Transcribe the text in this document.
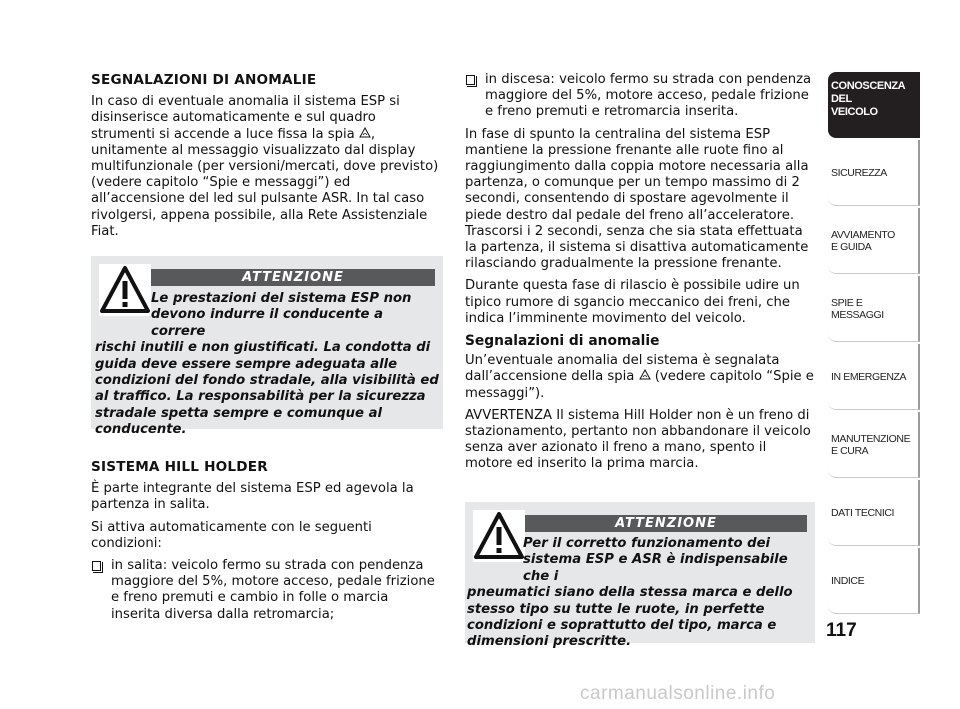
SEGNALAZIONI DI ANOMALIE

In caso di eventuale anomalia il sistema ESP si disinserisce automaticamente e sul quadro strumenti si accende a luce fissa la spia , unitamente al messaggio visualizzato dal display multifunzionale (per versioni/mercati, dove previsto) (vedere capitolo “Spie e messaggi”) ed all’accensione del led sul pulsante ASR. In tal caso rivolgersi, appena possibile, alla Rete Assistenziale Fiat.

ATTENZIONE
Le prestazioni del sistema ESP non devono indurre il conducente a correre
rischi inutili e non giustificati. La condotta di guida deve essere sempre adeguata alle condizioni del fondo stradale, alla visibilità ed al traffico. La responsabilità per la sicurezza stradale spetta sempre e comunque al conducente.
SISTEMA HILL HOLDER

È parte integrante del sistema ESP ed agevola la partenza in salita.

Si attiva automaticamente con le seguenti condizioni:

in salita: veicolo fermo su strada con pendenza maggiore del 5%, motore acceso, pedale frizione e freno premuti e cambio in folle o marcia inserita diversa dalla retromarcia;
in discesa: veicolo fermo su strada con pendenza maggiore del 5%, motore acceso, pedale frizione e freno premuti e retromarcia inserita.

In fase di spunto la centralina del sistema ESP mantiene la pressione frenante alle ruote fino al raggiungimento dalla coppia motore necessaria alla partenza, o comunque per un tempo massimo di 2 secondi, consentendo di spostare agevolmente il piede destro dal pedale del freno all’acceleratore. Trascorsi i 2 secondi, senza che sia stata effettuata la partenza, il sistema si disattiva automaticamente rilasciando gradualmente la pressione frenante.

Durante questa fase di rilascio è possibile udire un tipico rumore di sgancio meccanico dei freni, che indica l’imminente movimento del veicolo.

Segnalazioni di anomalie

Un’eventuale anomalia del sistema è segnalata dall’accensione della spia  (vedere capitolo “Spie e messaggi”).

AVVERTENZA Il sistema Hill Holder non è un freno di stazionamento, pertanto non abbandonare il veicolo senza aver azionato il freno a mano, spento il motore ed inserito la prima marcia.

ATTENZIONE
Per il corretto funzionamento dei sistema ESP e ASR è indispensabile che i
pneumatici siano della stessa marca e dello stesso tipo su tutte le ruote, in perfette condizioni e soprattutto del tipo, marca e dimensioni prescritte.
CONOSCENZA
DEL
VEICOLO
SICUREZZA
AVVIAMENTO
E GUIDA
SPIE E
MESSAGGI
IN EMERGENZA
MANUTENZIONE
E CURA
DATI TECNICI
INDICE
117
carmanualsonline.info
